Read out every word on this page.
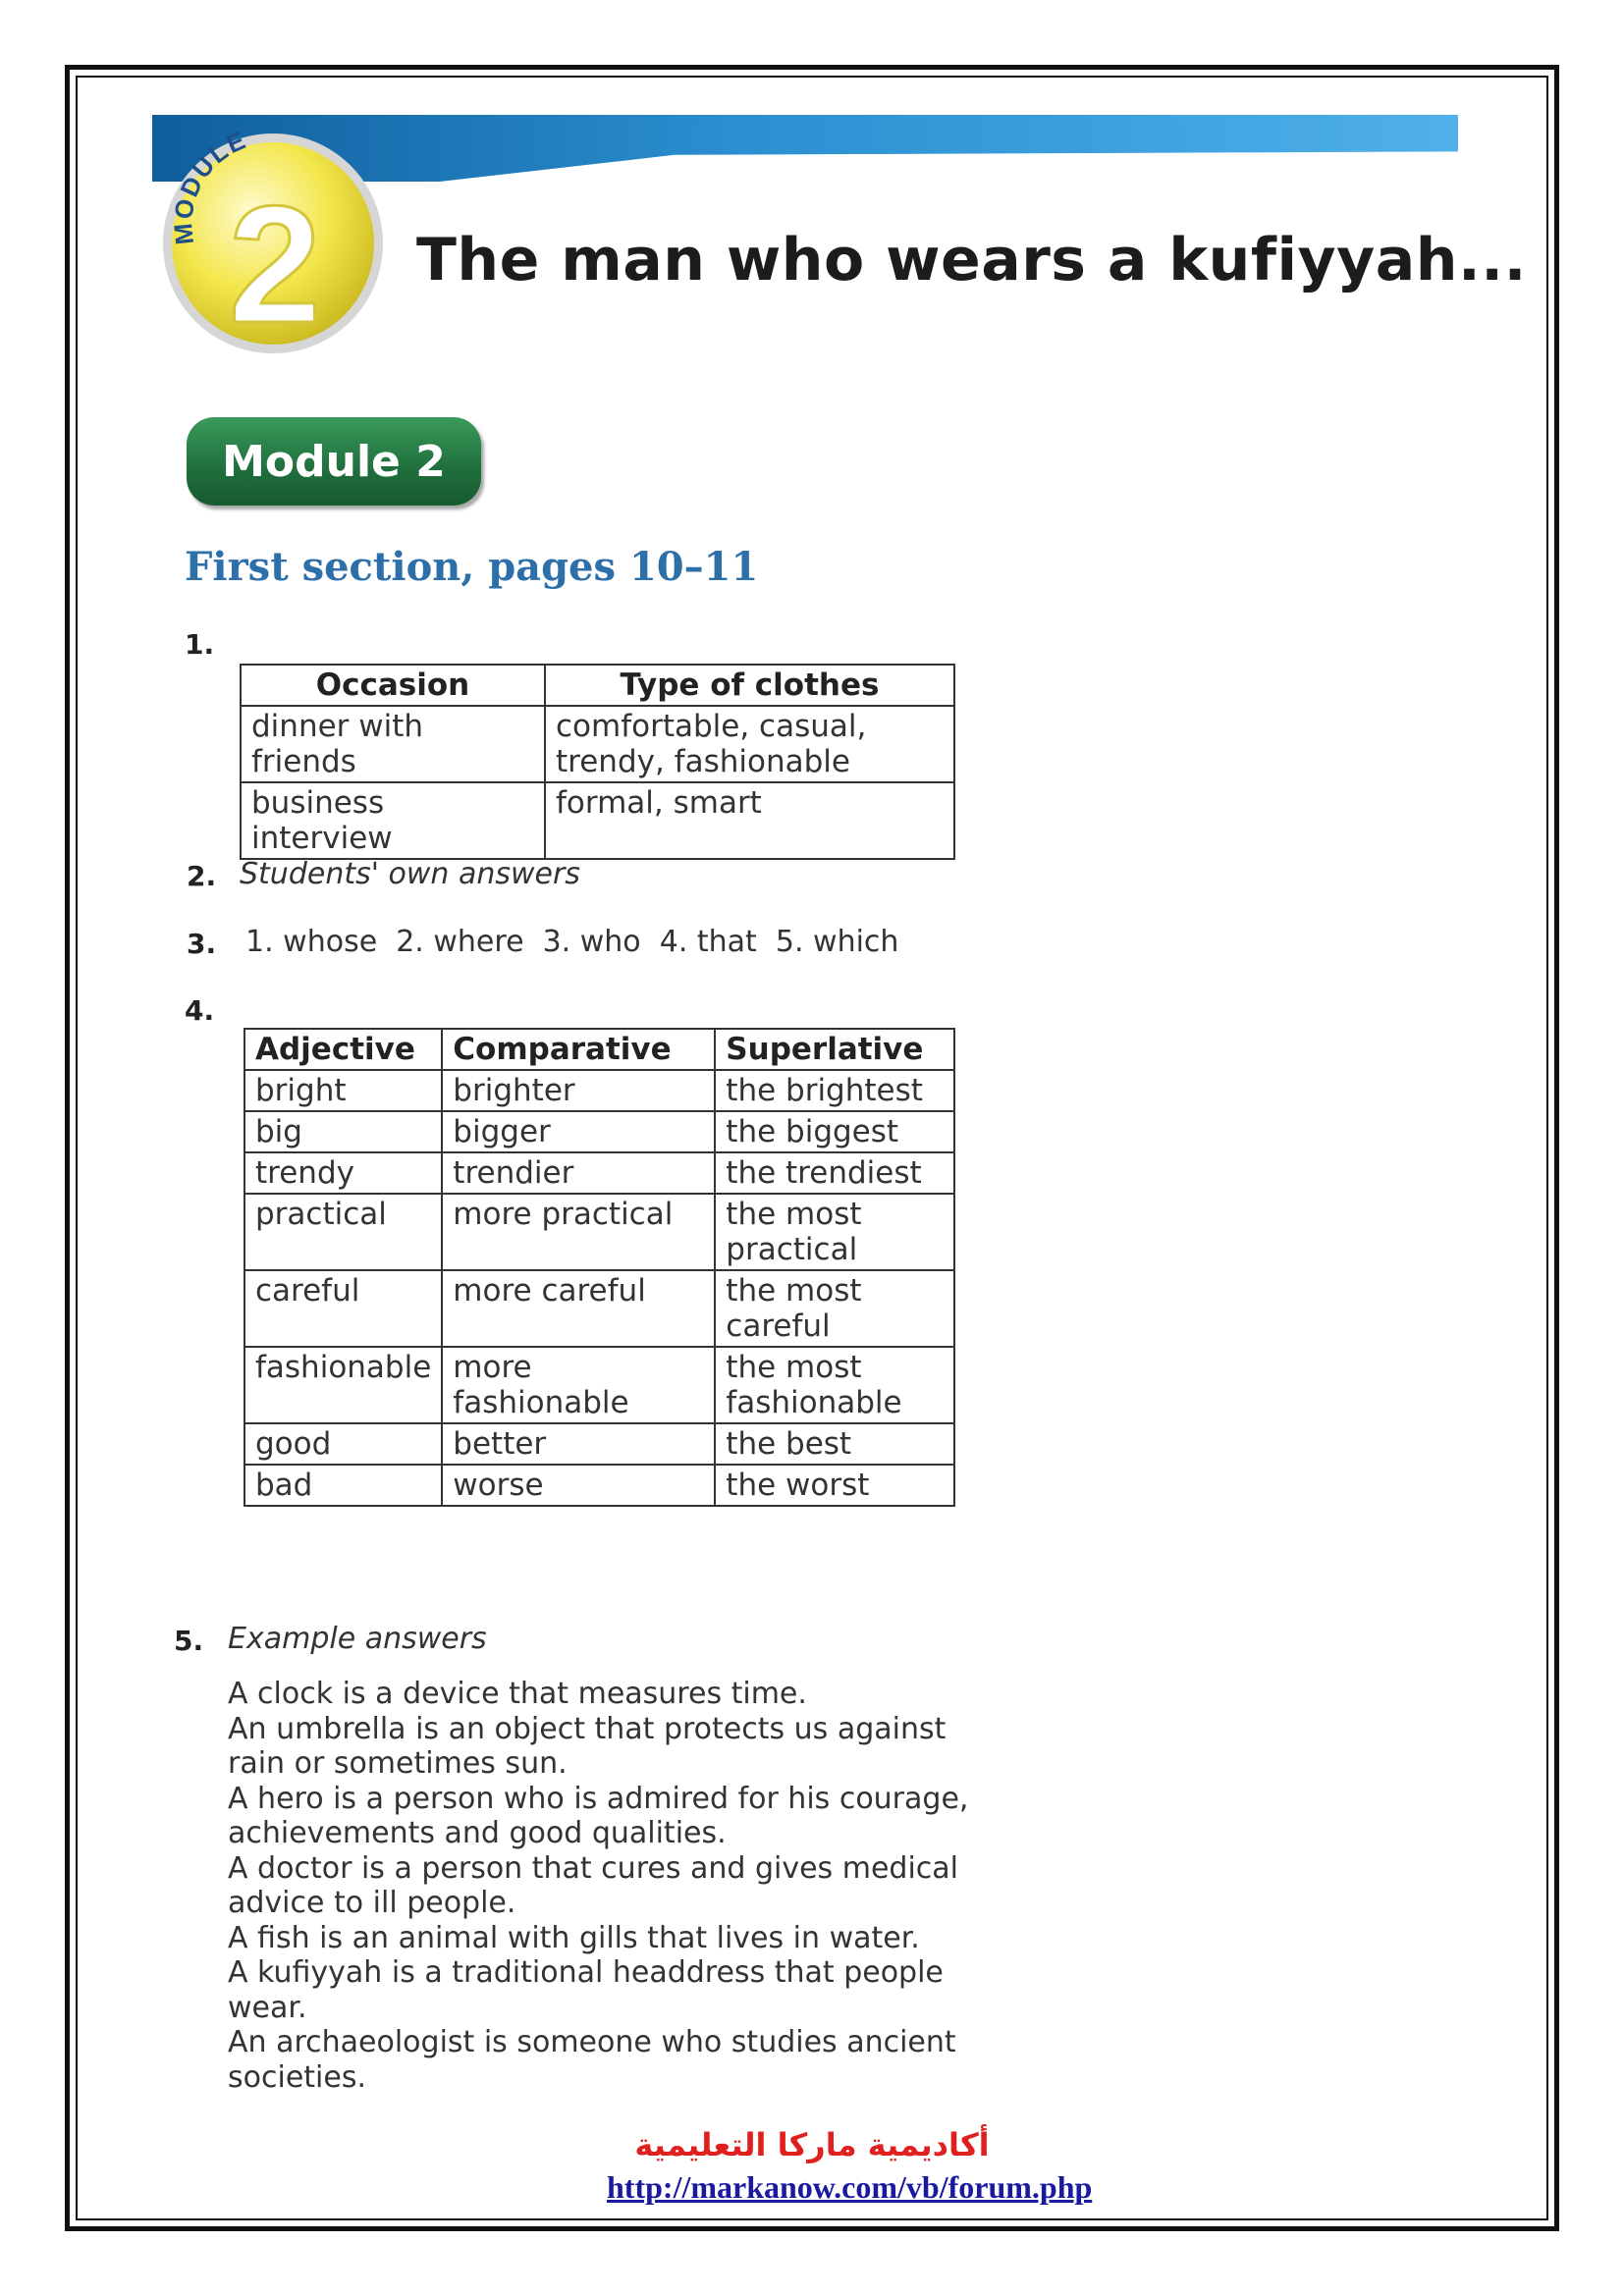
MODULE
2 The man who wears a kufiyyah...
Module 2
First section, pages 10–11
1.
Occasion	Type of clothes
dinner with friends	comfortable, casual, trendy, fashionable
business interview	formal, smart
2. Students' own answers
3. 1. whose  2. where  3. who  4. that  5. which
4.
Adjective	Comparative	Superlative
bright	brighter	the brightest
big	bigger	the biggest
trendy	trendier	the trendiest
practical	more practical	the most practical
careful	more careful	the most careful
fashionable	more fashionable	the most fashionable
good	better	the best
bad	worse	the worst
5. Example answers
A clock is a device that measures time.
An umbrella is an object that protects us against
rain or sometimes sun.
A hero is a person who is admired for his courage,
achievements and good qualities.
A doctor is a person that cures and gives medical
advice to ill people.
A fish is an animal with gills that lives in water.
A kufiyyah is a traditional headdress that people
wear.
An archaeologist is someone who studies ancient
societies.
أكاديمية ماركا التعليمية
http://markanow.com/vb/forum.php
